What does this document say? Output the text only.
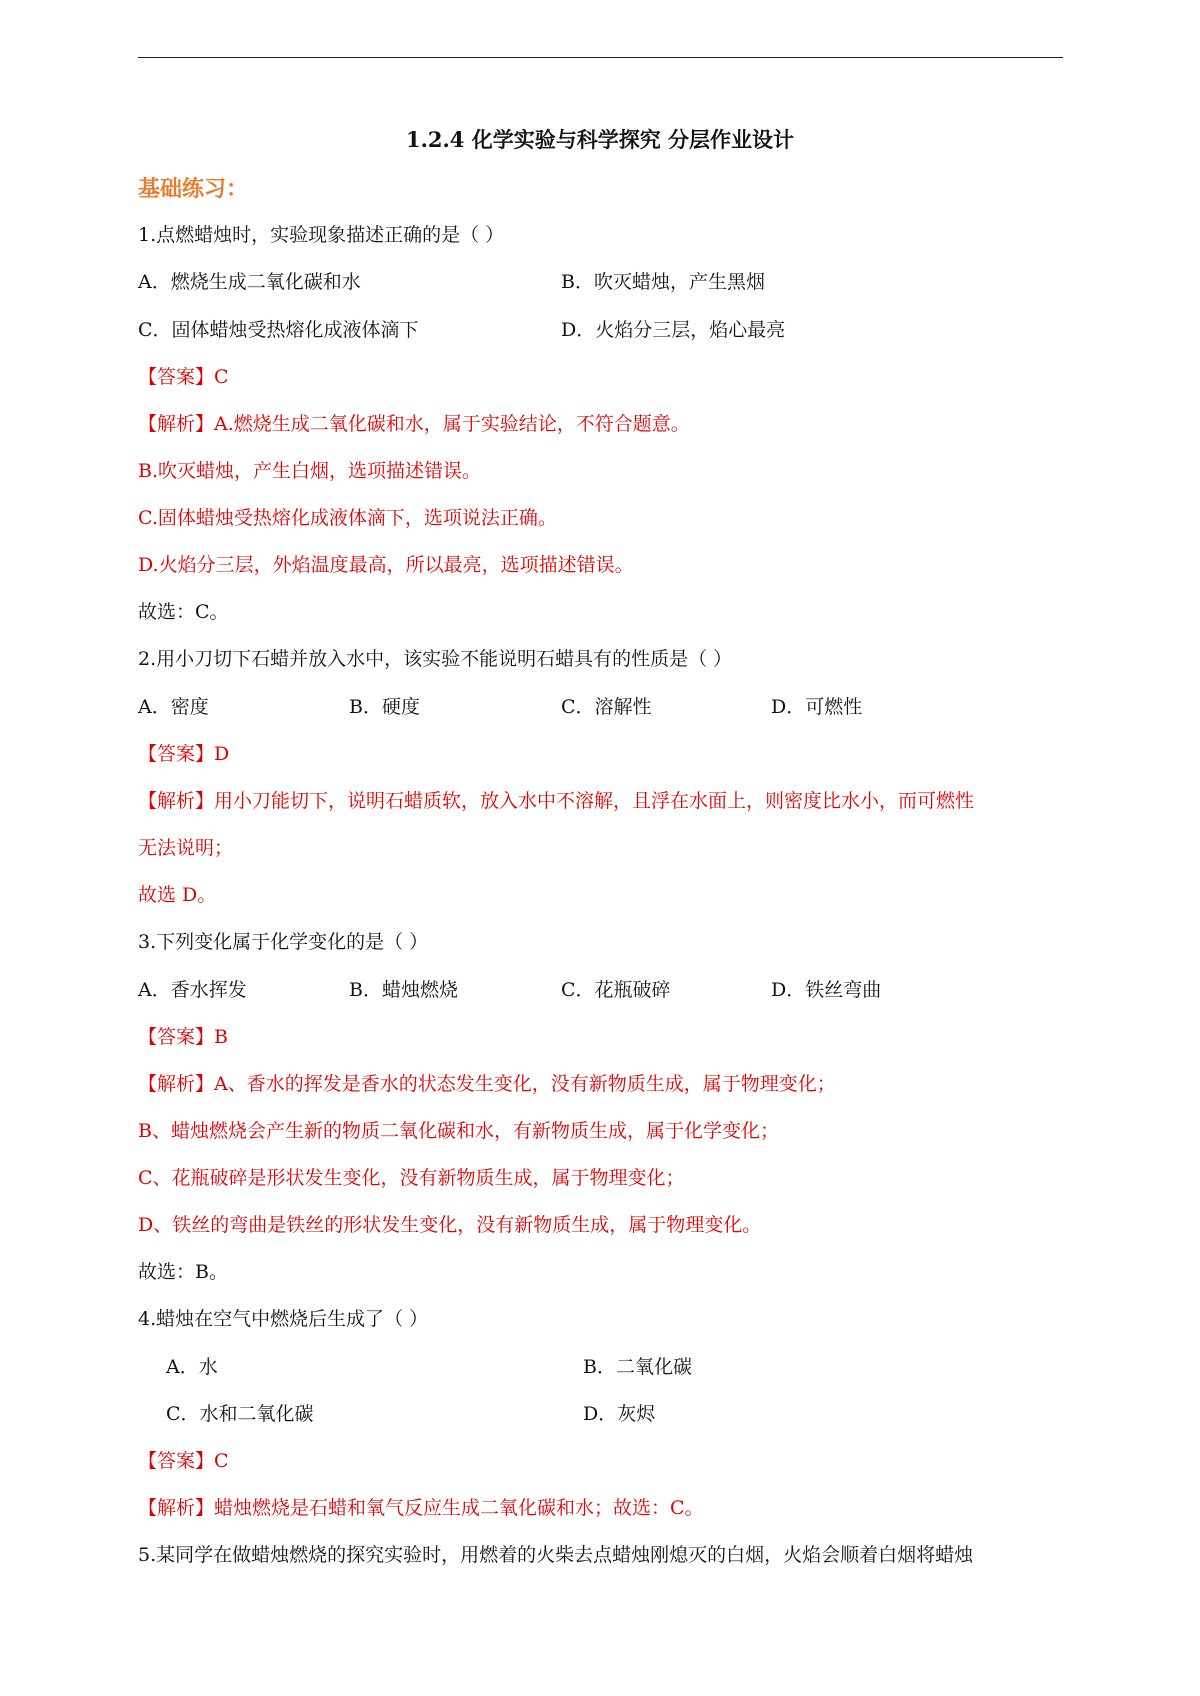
1.2.4 化学实验与科学探究 分层作业设计
基础练习：
1.点燃蜡烛时，实验现象描述正确的是（ ）
A．燃烧生成二氧化碳和水	B．吹灭蜡烛，产生黑烟
C．固体蜡烛受热熔化成液体滴下	D．火焰分三层，焰心最亮
【答案】C
【解析】A.燃烧生成二氧化碳和水，属于实验结论，不符合题意。
B.吹灭蜡烛，产生白烟，选项描述错误。
C.固体蜡烛受热熔化成液体滴下，选项说法正确。
D.火焰分三层，外焰温度最高，所以最亮，选项描述错误。
故选：C。
2.用小刀切下石蜡并放入水中，该实验不能说明石蜡具有的性质是（ ）
A．密度	B．硬度	C．溶解性	D．可燃性
【答案】D
【解析】用小刀能切下，说明石蜡质软，放入水中不溶解，且浮在水面上，则密度比水小，而可燃性
无法说明；
故选 D。
3.下列变化属于化学变化的是（ ）
A．香水挥发	B．蜡烛燃烧	C．花瓶破碎	D．铁丝弯曲
【答案】B
【解析】A、香水的挥发是香水的状态发生变化，没有新物质生成，属于物理变化；
B、蜡烛燃烧会产生新的物质二氧化碳和水，有新物质生成，属于化学变化；
C、花瓶破碎是形状发生变化，没有新物质生成，属于物理变化；
D、铁丝的弯曲是铁丝的形状发生变化，没有新物质生成，属于物理变化。
故选：B。
4.蜡烛在空气中燃烧后生成了（ ）
A．水	B．二氧化碳
C．水和二氧化碳	D．灰烬
【答案】C
【解析】蜡烛燃烧是石蜡和氧气反应生成二氧化碳和水；故选：C。
5.某同学在做蜡烛燃烧的探究实验时，用燃着的火柴去点蜡烛刚熄灭的白烟，火焰会顺着白烟将蜡烛
